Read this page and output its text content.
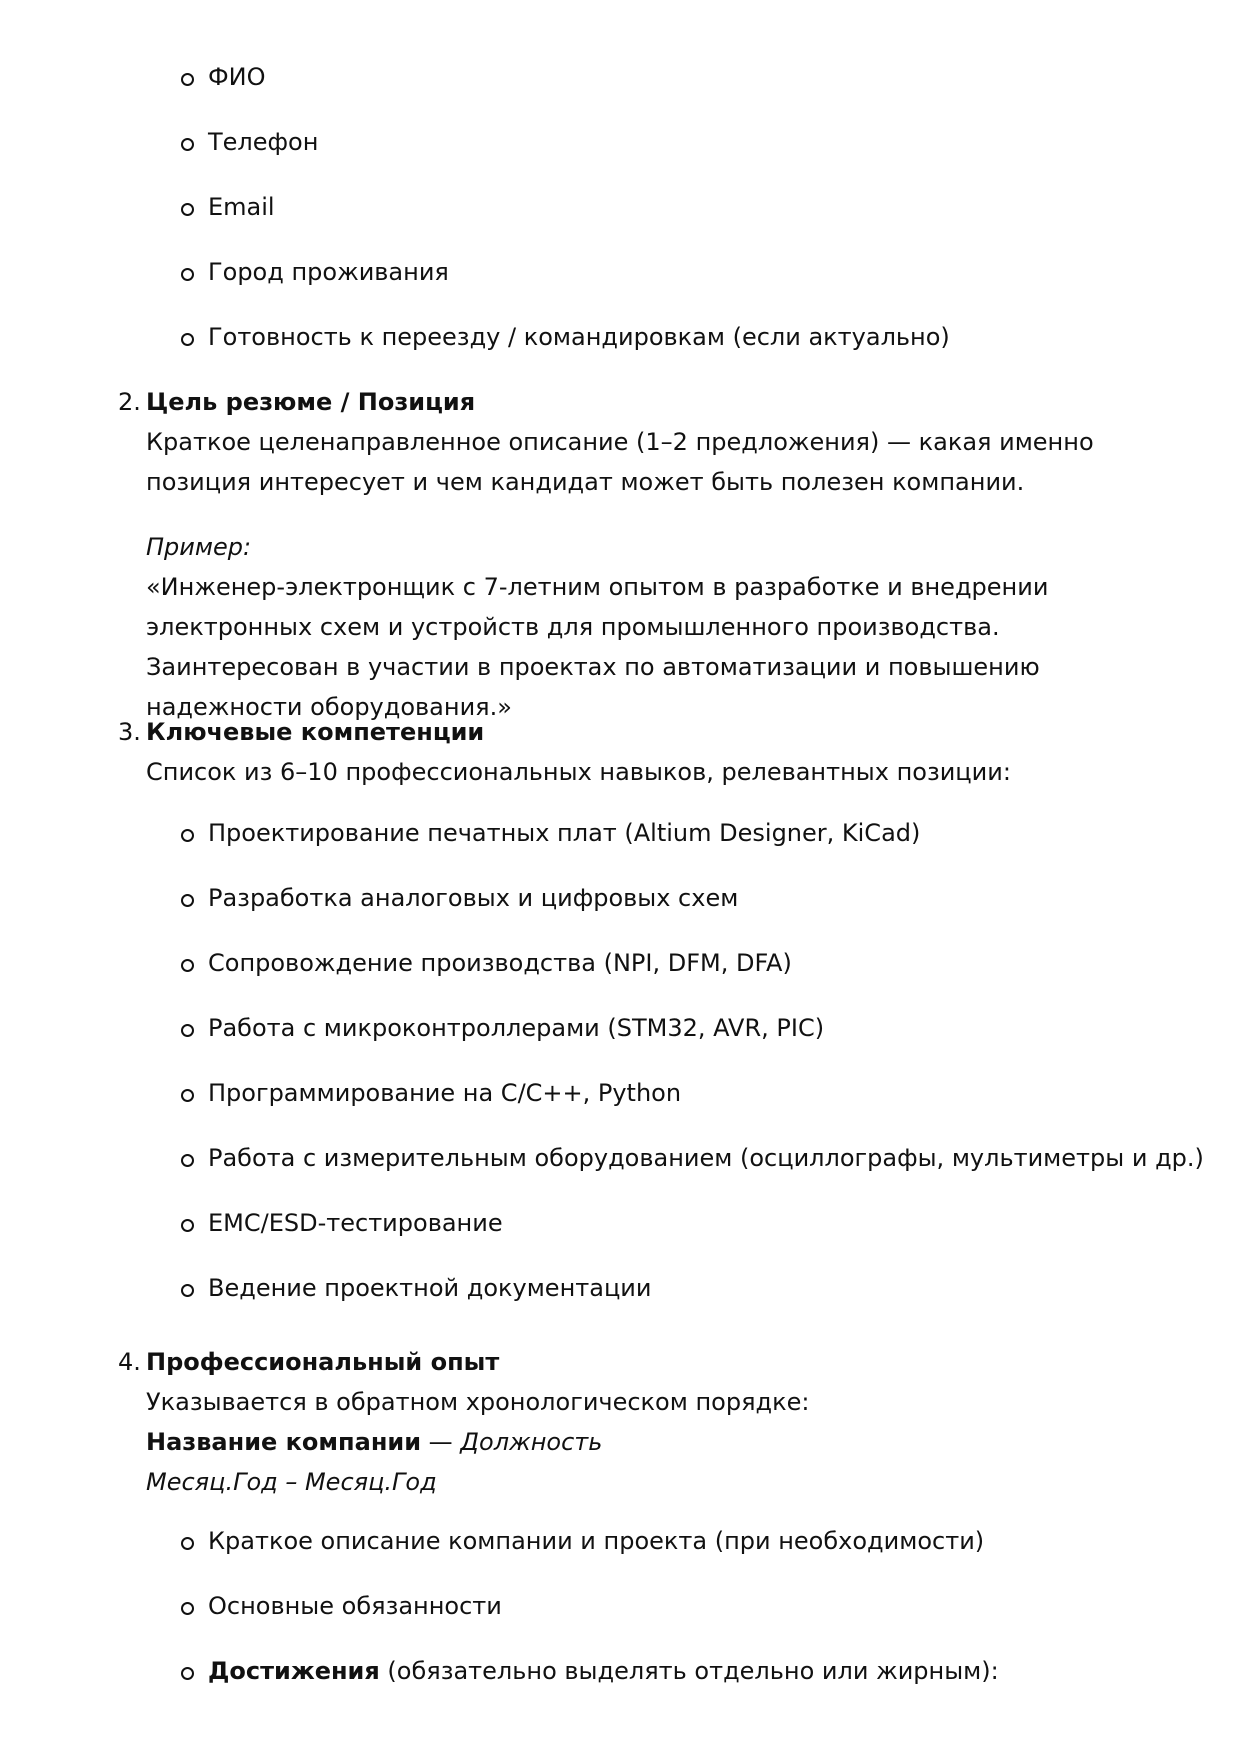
ФИО
Телефон
Email
Город проживания
Готовность к переезду / командировкам (если актуально)
2. Цель резюме / Позиция
Краткое целенаправленное описание (1–2 предложения) — какая именно позиция интересует и чем кандидат может быть полезен компании.
Пример:
«Инженер-электронщик с 7-летним опытом в разработке и внедрении электронных схем и устройств для промышленного производства. Заинтересован в участии в проектах по автоматизации и повышению надежности оборудования.»
3. Ключевые компетенции
Список из 6–10 профессиональных навыков, релевантных позиции:
Проектирование печатных плат (Altium Designer, KiCad)
Разработка аналоговых и цифровых схем
Сопровождение производства (NPI, DFM, DFA)
Работа с микроконтроллерами (STM32, AVR, PIC)
Программирование на C/C++, Python
Работа с измерительным оборудованием (осциллографы, мультиметры и др.)
EMC/ESD-тестирование
Ведение проектной документации
4. Профессиональный опыт
Указывается в обратном хронологическом порядке:
Название компании — Должность
Месяц.Год – Месяц.Год
Краткое описание компании и проекта (при необходимости)
Основные обязанности
Достижения (обязательно выделять отдельно или жирным):
